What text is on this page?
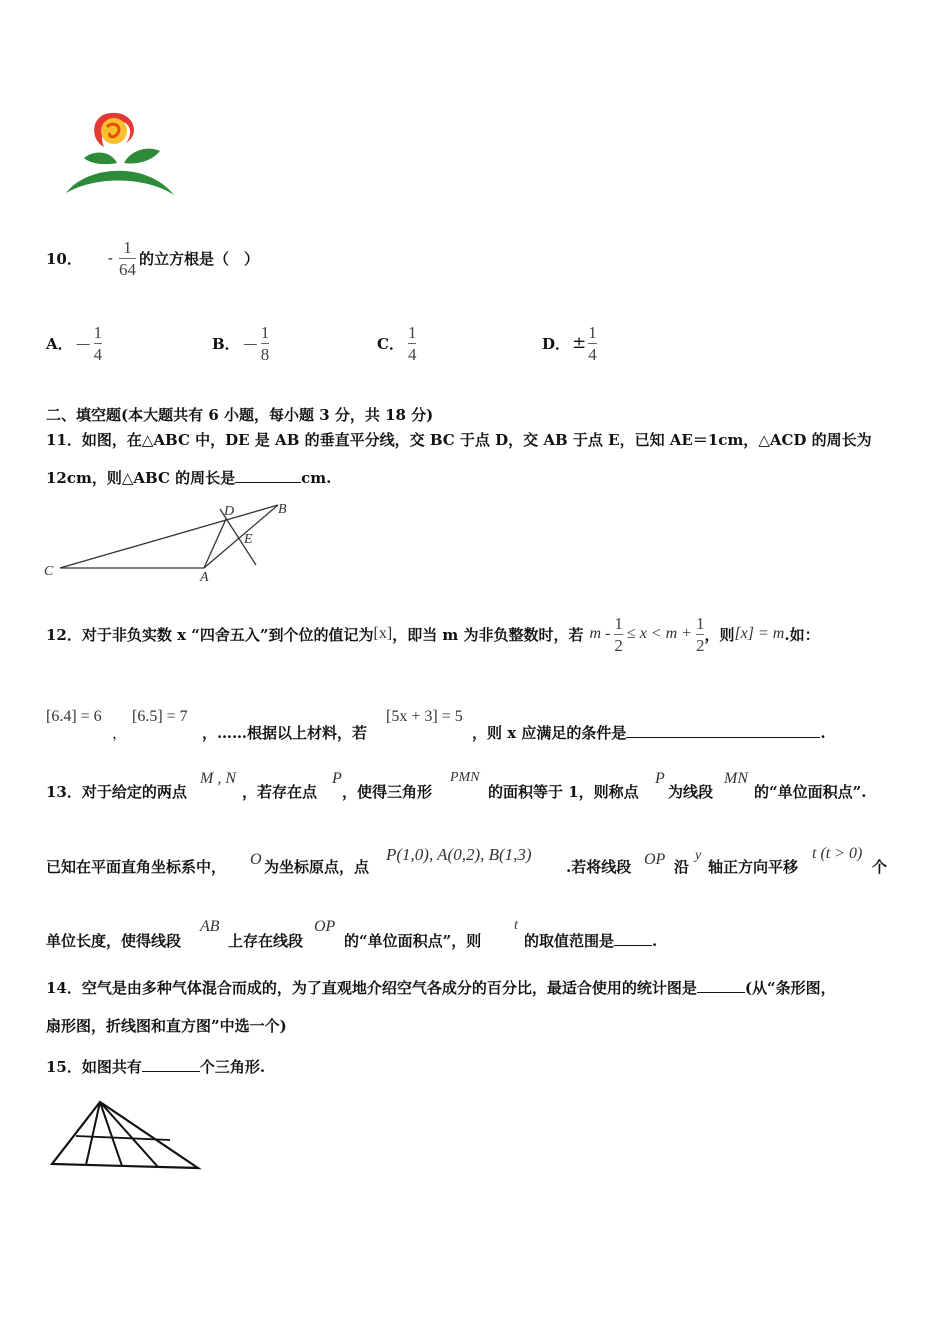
10． - $\frac{1}{64}$ 的立方根是（　）
A． － $\frac{1}{4}$	B． － $\frac{1}{8}$	C． $\frac{1}{4}$	D． ± $\frac{1}{4}$
二、填空题(本大题共有 6 小题，每小题 3 分，共 18 分)
11．如图，在△ABC 中，DE 是 AB 的垂直平分线，交 BC 于点 D，交 AB 于点 E，已知 AE＝1cm，△ACD 的周长为
12cm，则△ABC 的周长是	cm.
C	A
D	B
E
12．对于非负实数 x “四舍五入”到个位的值记为 [x] ，即当 m 为非负整数时，若 $m - \frac{1}{2} \le x < m + \frac{1}{2}$ ，则 [x] = m .如：
[6.4] = 6
，
[6.5] = 7
，……根据以上材料，若
[5x + 3] = 5
，则 x 应满足的条件是	.
13．对于给定的两点
M , N
，若存在点
P
，使得三角形
PMN
的面积等于 1，则称点
P
为线段
MN
的“单位面积点”.
已知在平面直角坐标系中， O 为坐标原点，点
P(1,0), A(0,2), B(1,3)
.若将线段 OP 沿
y
轴正方向平移
t (t > 0)
个
单位长度，使得线段
AB
上存在线段
OP
的“单位面积点”，则
t
的取值范围是	.
14．空气是由多种气体混合而成的，为了直观地介绍空气各成分的百分比，最适合使用的统计图是	(从“条形图，
扇形图，折线图和直方图”中选一个)
15．如图共有	个三角形.
